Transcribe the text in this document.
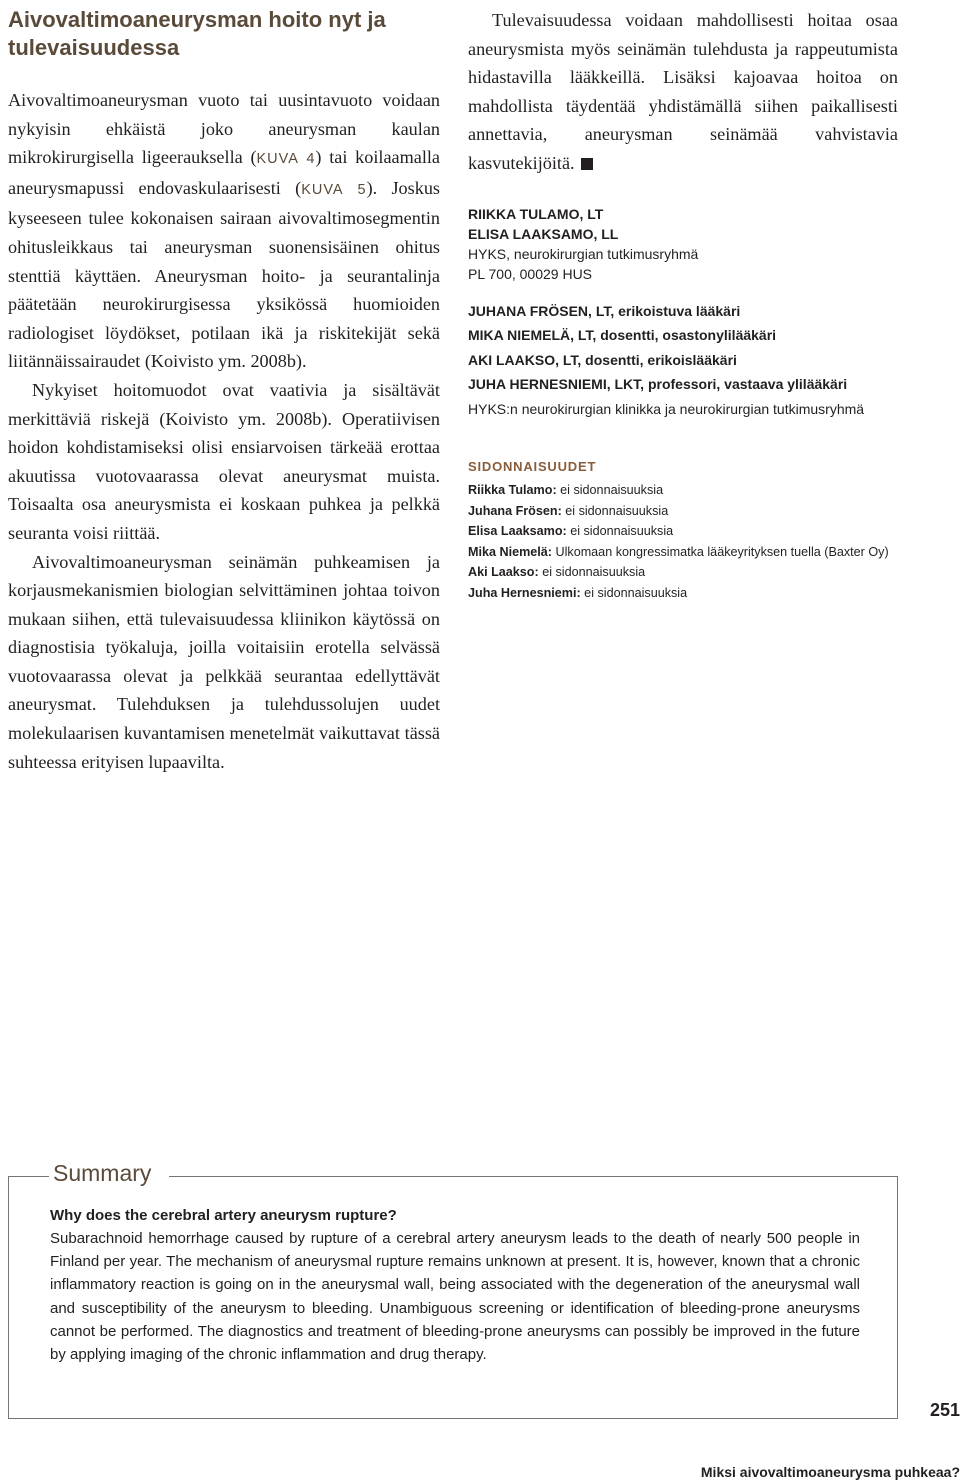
Aivovaltimoaneurysman hoito nyt ja tulevaisuudessa

Aivovaltimoaneurysman vuoto tai uusintavuoto voidaan nykyisin ehkäistä joko aneurysman kaulan mikrokirurgisella ligeerauksella (KUVA 4) tai koilaamalla aneurysmapussi endovaskulaarisesti (KUVA 5). Joskus kyseeseen tulee kokonaisen sairaan aivovaltimosegmentin ohitusleikkaus tai aneurysman suonensisäinen ohitus stenttiä käyttäen. Aneurysman hoito- ja seurantalinja päätetään neurokirurgisessa yksikössä huomioiden radiologiset löydökset, potilaan ikä ja riskitekijät sekä liitännäissairaudet (Koivisto ym. 2008b).

Nykyiset hoitomuodot ovat vaativia ja sisältävät merkittäviä riskejä (Koivisto ym. 2008b). Operatiivisen hoidon kohdistamiseksi olisi ensiarvoisen tärkeää erottaa akuutissa vuotovaarassa olevat aneurysmat muista. Toisaalta osa aneurysmista ei koskaan puhkea ja pelkkä seuranta voisi riittää.

Aivovaltimoaneurysman seinämän puhkeamisen ja korjausmekanismien biologian selvittäminen johtaa toivon mukaan siihen, että tulevaisuudessa kliinikon käytössä on diagnostisia työkaluja, joilla voitaisiin erotella selvässä vuotovaarassa olevat ja pelkkää seurantaa edellyttävät aneurysmat. Tulehduksen ja tulehdussolujen uudet molekulaarisen kuvantamisen menetelmät vaikuttavat tässä suhteessa erityisen lupaavilta.

Tulevaisuudessa voidaan mahdollisesti hoitaa osaa aneurysmista myös seinämän tulehdusta ja rappeutumista hidastavilla lääkkeillä. Lisäksi kajoavaa hoitoa on mahdollista täydentää yhdistämällä siihen paikallisesti annettavia, aneurysman seinämää vahvistavia kasvutekijöitä.

RIIKKA TULAMO, LT
ELISA LAAKSAMO, LL
HYKS, neurokirurgian tutkimusryhmä
PL 700, 00029 HUS
JUHANA FRÖSEN, LT, erikoistuva lääkäri
MIKA NIEMELÄ, LT, dosentti, osastonylilääkäri
AKI LAAKSO, LT, dosentti, erikoislääkäri
JUHA HERNESNIEMI, LKT, professori, vastaava ylilääkäri
HYKS:n neurokirurgian klinikka ja neurokirurgian tutkimusryhmä
SIDONNAISUUDET
Riikka Tulamo: ei sidonnaisuuksia
Juhana Frösen: ei sidonnaisuuksia
Elisa Laaksamo: ei sidonnaisuuksia
Mika Niemelä: Ulkomaan kongressimatka lääkeyrityksen tuella (Baxter Oy)
Aki Laakso: ei sidonnaisuuksia
Juha Hernesniemi: ei sidonnaisuuksia
Summary

Why does the cerebral artery aneurysm rupture?

Subarachnoid hemorrhage caused by rupture of a cerebral artery aneurysm leads to the death of nearly 500 people in Finland per year. The mechanism of aneurysmal rupture remains unknown at present. It is, however, known that a chronic inflammatory reaction is going on in the aneurysmal wall, being associated with the degeneration of the aneurysmal wall and susceptibility of the aneurysm to bleeding. Unambiguous screening or identification of bleeding-prone aneurysms cannot be performed. The diagnostics and treatment of bleeding-prone aneurysms can possibly be improved in the future by applying imaging of the chronic inflammation and drug therapy.

251
Miksi aivovaltimoaneurysma puhkeaa?
